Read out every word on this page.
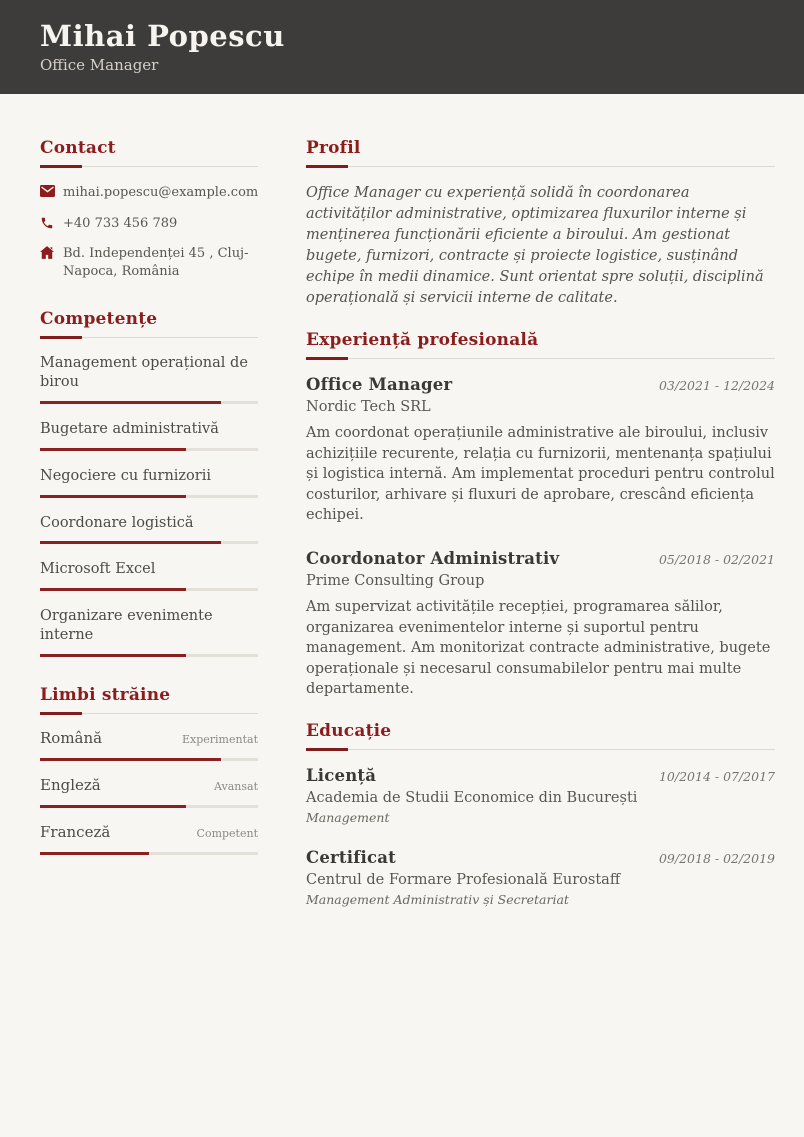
Mihai Popescu
Office Manager
Contact
mihai.popescu@example.com
+40 733 456 789
Bd. Independenței 45 , Cluj-Napoca, România
Competențe
Management operațional de birou
Bugetare administrativă
Negociere cu furnizorii
Coordonare logistică
Microsoft Excel
Organizare evenimente interne
Limbi străine
Română	Experimentat
Engleză	Avansat
Franceză	Competent
Profil
Office Manager cu experiență solidă în coordonarea activităților administrative, optimizarea fluxurilor interne și menținerea funcționării eficiente a biroului. Am gestionat bugete, furnizori, contracte și proiecte logistice, susținând echipe în medii dinamice. Sunt orientat spre soluții, disciplină operațională și servicii interne de calitate.
Experiență profesională
Office Manager	03/2021 - 12/2024
Nordic Tech SRL
Am coordonat operațiunile administrative ale biroului, inclusiv achizițiile recurente, relația cu furnizorii, mentenanța spațiului și logistica internă. Am implementat proceduri pentru controlul costurilor, arhivare și fluxuri de aprobare, crescând eficiența echipei.
Coordonator Administrativ	05/2018 - 02/2021
Prime Consulting Group
Am supervizat activitățile recepției, programarea sălilor, organizarea evenimentelor interne și suportul pentru management. Am monitorizat contracte administrative, bugete operaționale și necesarul consumabilelor pentru mai multe departamente.
Educație
Licență	10/2014 - 07/2017
Academia de Studii Economice din București
Management
Certificat	09/2018 - 02/2019
Centrul de Formare Profesională Eurostaff
Management Administrativ și Secretariat
